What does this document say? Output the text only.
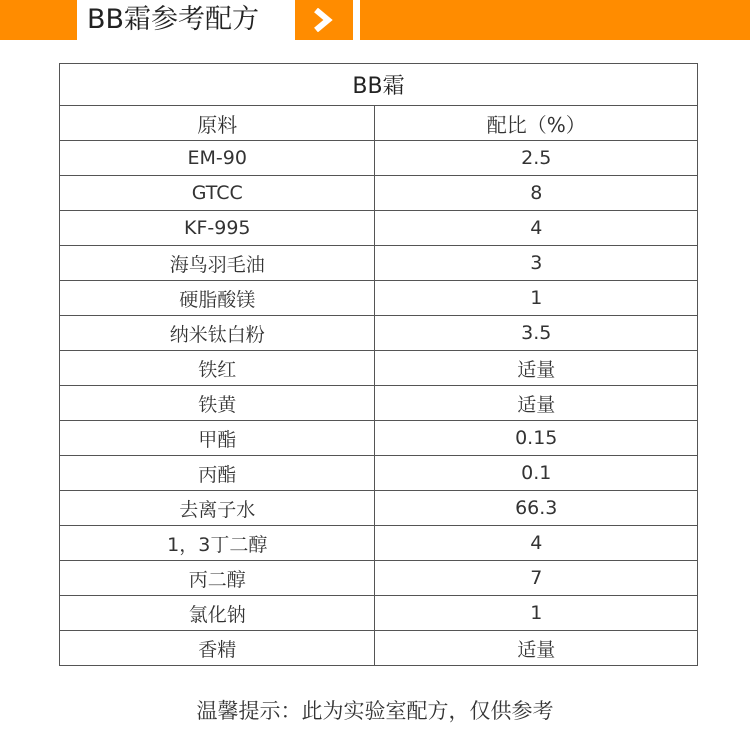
BB霜参考配方
BB霜	
原料	配比（%）
EM-90	2.5
GTCC	8
KF-995	4
海鸟羽毛油	3
硬脂酸镁	1
纳米钛白粉	3.5
铁红	适量
铁黄	适量
甲酯	0.15
丙酯	0.1
去离子水	66.3
1，3丁二醇	4
丙二醇	7
氯化钠	1
香精	适量
温馨提示：此为实验室配方，仅供参考
